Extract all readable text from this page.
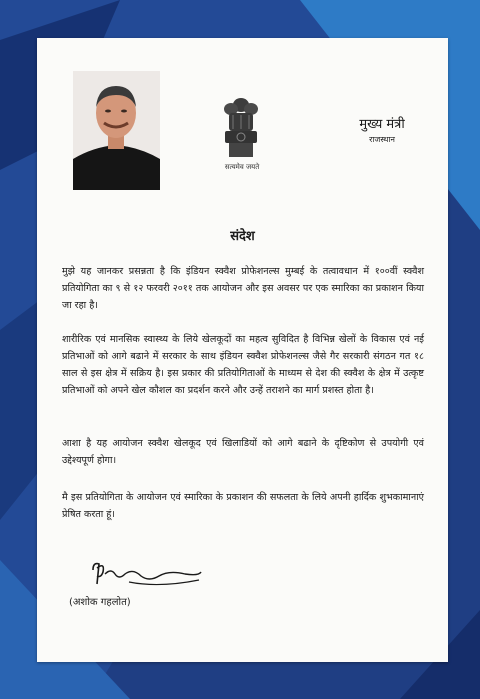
सत्यमेव जयते
मुख्य मंत्री
राजस्थान
संदेश

मुझे यह जानकर प्रसन्नता है कि इंडियन स्क्वैश प्रोफेशनल्स मुम्बई के तत्वावधान में १००वीं स्क्वैश प्रतियोगिता का ९ से १२ फरवरी २०११ तक आयोजन और इस अवसर पर एक स्मारिका का प्रकाशन किया जा रहा है।

शारीरिक एवं मानसिक स्वास्थ्य के लिये खेलकूदों का महत्व सुविदित है विभिन्न खेलों के विकास एवं नई प्रतिभाओं को आगे बढाने में सरकार के साथ इंडियन स्क्वैश प्रोफेशनल्स जैसे गैर सरकारी संगठन गत १८ साल से इस क्षेत्र में सक्रिय है। इस प्रकार की प्रतियोगिताओं के माध्यम से देश की स्क्वैश के क्षेत्र में उत्कृष्ट प्रतिभाओं को अपने खेल कौशल का प्रदर्शन करने और उन्हें तराशने का मार्ग प्रशस्त होता है।

आशा है यह आयोजन स्क्वैश खेलकूद एवं खिलाडियों को आगे बढाने के दृष्टिकोण से उपयोगी एवं उद्देश्यपूर्ण होगा।

मै इस प्रतियोगिता के आयोजन एवं स्मारिका के प्रकाशन की सफलता के लिये अपनी हार्दिक शुभकामानाएं प्रेषित करता हूं।

(अशोक गहलोत)
